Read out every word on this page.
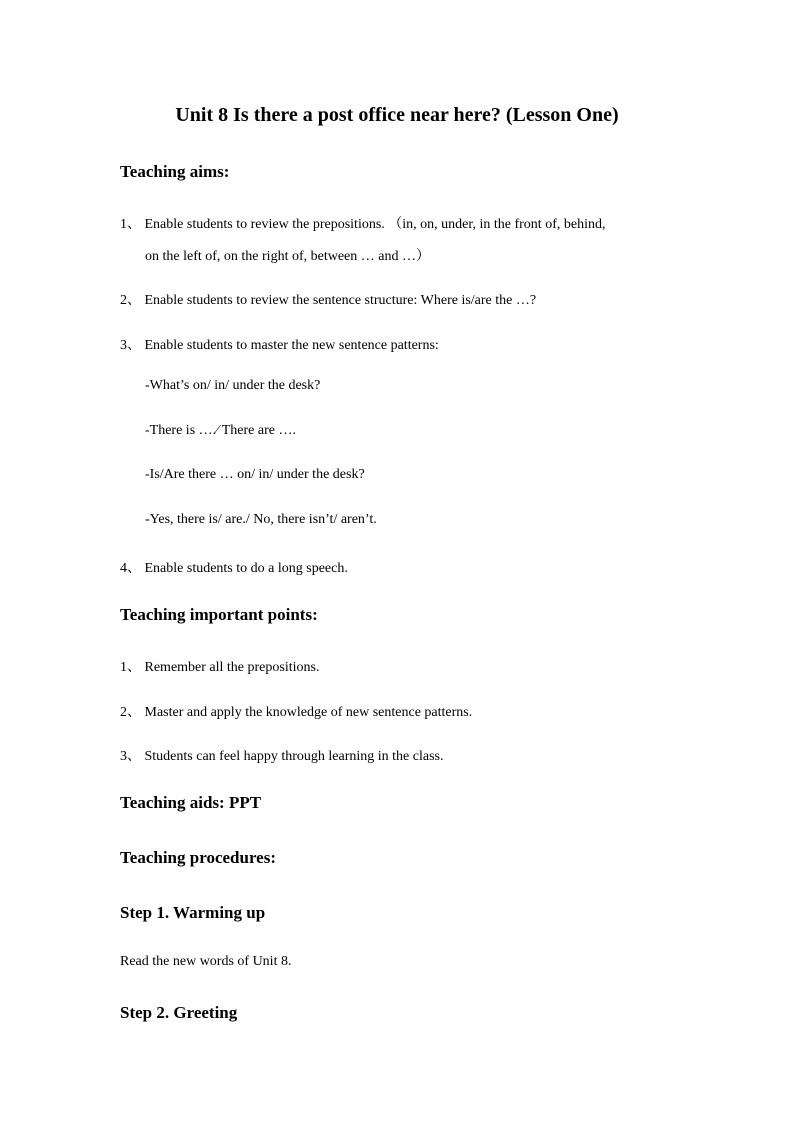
Unit 8 Is there a post office near here? (Lesson One)
Teaching aims:
1、 Enable students to review the prepositions. （in, on, under, in the front of, behind,
on the left of, on the right of, between … and …）
2、 Enable students to review the sentence structure: Where is/are the …?
3、 Enable students to master the new sentence patterns:
-What’s on/ in/ under the desk?
-There is ….⁄ There are ….
-Is/Are there … on/ in/ under the desk?
-Yes, there is/ are./ No, there isn’t/ aren’t.
4、 Enable students to do a long speech.
Teaching important points:
1、 Remember all the prepositions.
2、 Master and apply the knowledge of new sentence patterns.
3、 Students can feel happy through learning in the class.
Teaching aids: PPT
Teaching procedures:
Step 1. Warming up
Read the new words of Unit 8.
Step 2. Greeting
